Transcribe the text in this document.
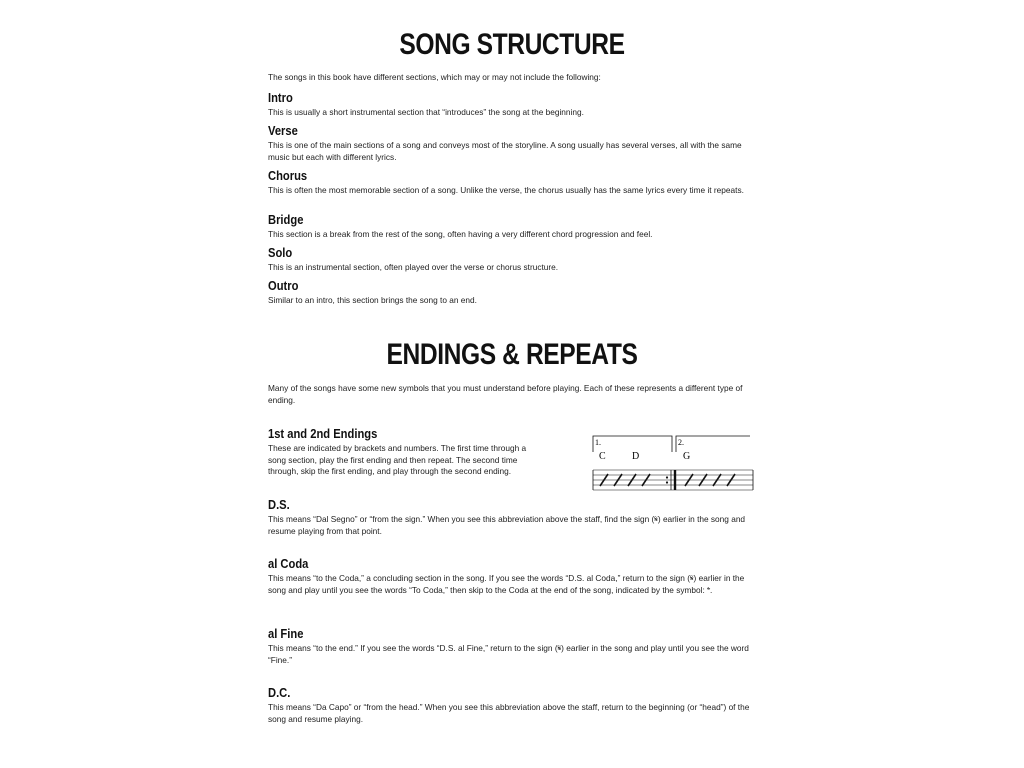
SONG STRUCTURE

The songs in this book have different sections, which may or may not include the following:

Intro

This is usually a short instrumental section that “introduces” the song at the beginning.

Verse

This is one of the main sections of a song and conveys most of the storyline. A song usually has several verses, all with the same music but each with different lyrics.

Chorus

This is often the most memorable section of a song. Unlike the verse, the chorus usually has the same lyrics every time it repeats.

Bridge

This section is a break from the rest of the song, often having a very different chord progression and feel.

Solo

This is an instrumental section, often played over the verse or chorus structure.

Outro

Similar to an intro, this section brings the song to an end.

ENDINGS & REPEATS

Many of the songs have some new symbols that you must understand before playing. Each of these represents a different type of ending.

1st and 2nd Endings

These are indicated by brackets and numbers. The first time through a song section, play the first ending and then repeat. The second time through, skip the first ending, and play through the second ending.

1.	2.
C	D	G
D.S.

This means “Dal Segno” or “from the sign.” When you see this abbreviation above the staff, find the sign (𝄋) earlier in the song and resume playing from that point.

al Coda

This means “to the Coda,” a concluding section in the song. If you see the words “D.S. al Coda,” return to the sign (𝄋) earlier in the song and play until you see the words “To Coda,” then skip to the Coda at the end of the song, indicated by the symbol: 𝄌.

al Fine

This means “to the end.” If you see the words “D.S. al Fine,” return to the sign (𝄋) earlier in the song and play until you see the word “Fine.”

D.C.

This means “Da Capo” or “from the head.” When you see this abbreviation above the staff, return to the beginning (or “head”) of the song and resume playing.
